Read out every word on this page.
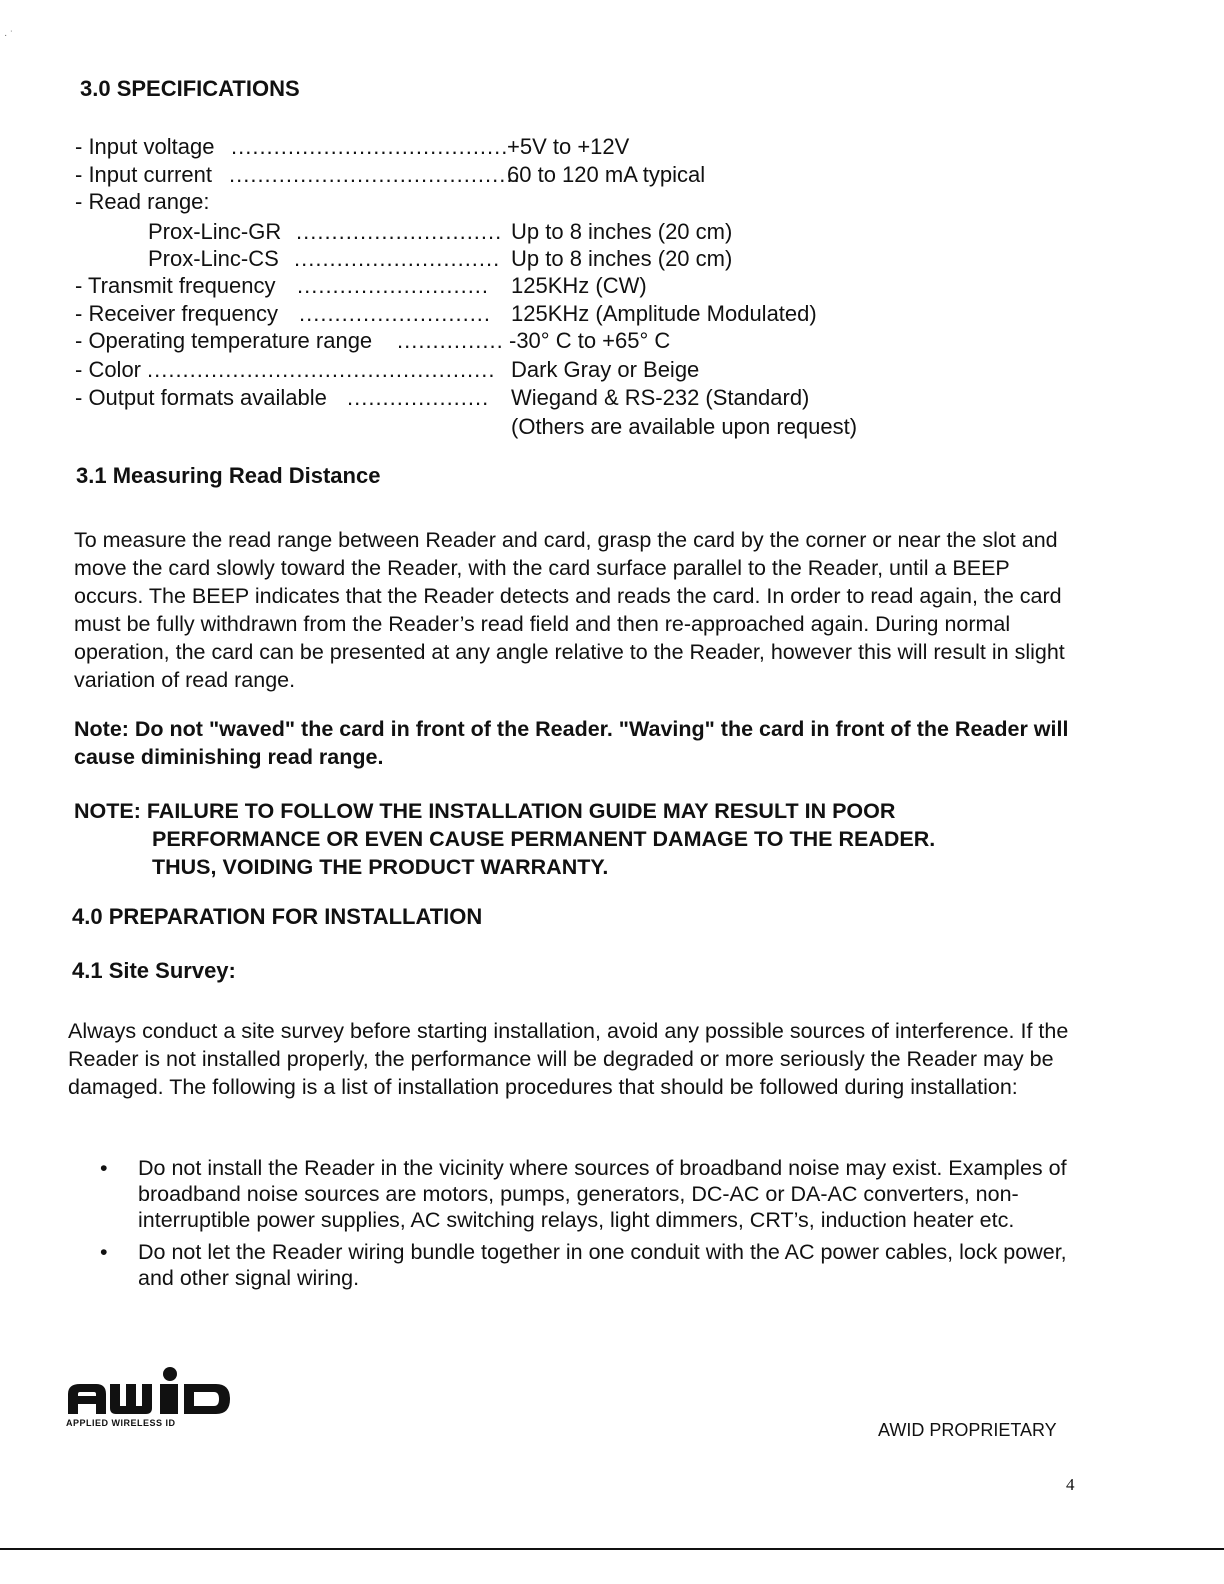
· ˙
3.0 SPECIFICATIONS
- Input voltage .......................................
+5V to +12V
- Input current .........................................
60 to 120 mA typical
- Read range:
Prox-Linc-GR ............................. Up to 8 inches (20 cm)
Prox-Linc-CS ............................. Up to 8 inches (20 cm)
- Transmit frequency ........................... 125KHz (CW)
- Receiver frequency ........................... 125KHz (Amplitude Modulated)
- Operating temperature range ............... -30° C to +65° C
- Color ................................................. Dark Gray or Beige
- Output formats available .................... Wiegand & RS-232 (Standard)
(Others are available upon request)
3.1 Measuring Read Distance

To measure the read range between Reader and card, grasp the card by the corner or near the slot and move the card slowly toward the Reader, with the card surface parallel to the Reader, until a BEEP occurs. The BEEP indicates that the Reader detects and reads the card. In order to read again, the card must be fully withdrawn from the Reader’s read field and then re-approached again. During normal operation, the card can be presented at any angle relative to the Reader, however this will result in slight variation of read range.

Note: Do not "waved" the card in front of the Reader. "Waving" the card in front of the Reader will cause diminishing read range.
NOTE: FAILURE TO FOLLOW THE INSTALLATION GUIDE MAY RESULT IN POOR
PERFORMANCE OR EVEN CAUSE PERMANENT DAMAGE TO THE READER.
THUS, VOIDING THE PRODUCT WARRANTY.
4.0 PREPARATION FOR INSTALLATION
4.1 Site Survey:

Always conduct a site survey before starting installation, avoid any possible sources of interference. If the Reader is not installed properly, the performance will be degraded or more seriously the Reader may be damaged. The following is a list of installation procedures that should be followed during installation:

• Do not install the Reader in the vicinity where sources of broadband noise may exist. Examples of broadband noise sources are motors, pumps, generators, DC-AC or DA-AC converters, non-interruptible power supplies, AC switching relays, light dimmers, CRT’s, induction heater etc.
• Do not let the Reader wiring bundle together in one conduit with the AC power cables, lock power, and other signal wiring.
APPLIED WIRELESS ID	AWID PROPRIETARY
4
